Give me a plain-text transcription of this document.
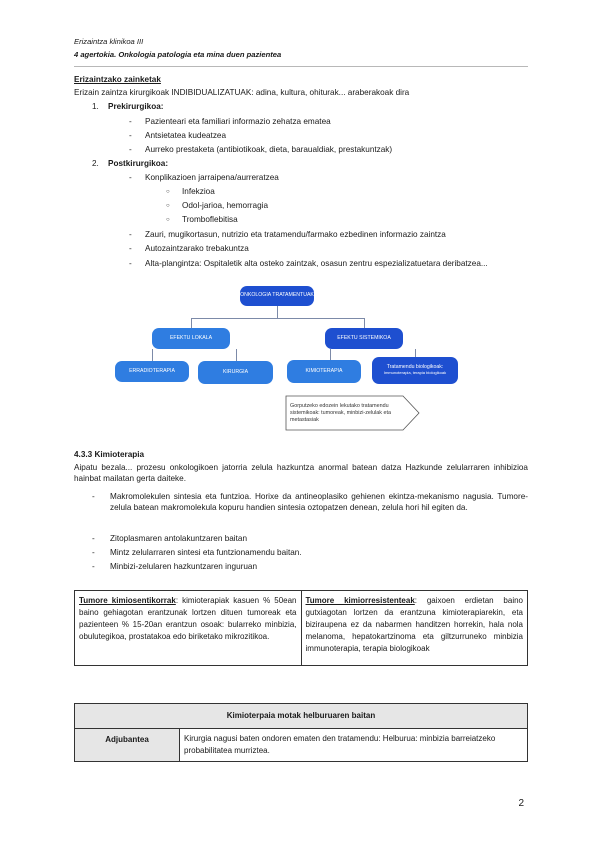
Erizaintza klinikoa III
4 agertokia. Onkologia patologia eta mina duen pazientea
Erizaintzako zainketak
Erizain zaintza kirurgikoak INDIBIDUALIZATUAK: adina, kultura, ohiturak... araberakoak dira
1. Prekirurgikoa:
- Pazienteari eta familiari informazio zehatza ematea
- Antsietatea kudeatzea
- Aurreko prestaketa (antibiotikoak, dieta, barauald​iak, prestakuntzak)
2. Postkirurgikoa:
- Konplikazioen jarraipena/aurreratzea
○ Infekzioa
○ Odol-jarioa, hemorragia
○ Tromboflebitisa
- Zauri, mugikortasun, nutrizio eta tratamendu/farmako ezbedinen informazio zaintza
- Autozaintzarako trebakuntza
- Alta-plangintza: Ospitaletik alta osteko zaintzak, osasun zentru espezializatuetara deribatzea...
ONKOLOGIA TRATAMENTUAK
EFEKTU LOKALA	EFEKTU SISTEMIKOA
ERRADIOTERAPIA	KIRURGIA	KIMIOTERAPIA
Tratamendu biologikoak:
Immunoterapia, terapia biologikoak
Gorputzeko edozein lekutako tratamendu sistemikoak: tumoreak, minbizi-zelulak eta metastasiak
4.3.3 Kimioterapia
Aipatu bezala... prozesu onkologikoen jatorria zelula hazkuntza anormal batean datza Hazkunde zelularraren inhibizioa hainbat mailatan gerta daiteke.
- Makromolekulen sintesia eta funtzioa. Horixe da antineoplasiko gehienen ekintza-mekanismo nagusia. Tumore-zelula batean makromolekula kopuru handien sintesia oztopatzen denean, zelula hori hil egiten da.
- Zitoplasmaren antolakuntzaren baitan
- Mintz zelularraren sintesi eta funtzionamendu baitan.
- Minbizi-zelularen hazkuntzaren inguruan
Tumore kimiosentikorrak: kimioterapiak kasuen % 50ean baino gehiagotan erantzunak lortzen dituen tumoreak eta pazienteen % 15-20an erantzun osoak: bularreko minbizia, obulutegikoa, prostatakoa edo biriketako mikrozitikoa.	Tumore kimiorresistenteak: gaixoen erdietan baino gutxiagotan lortzen da erantzuna kimioterapiarekin, eta biziraupena ez da nabarmen handitzen horrekin, hala nola melanoma, hepatokartzinoma eta giltzurruneko minbizia immunoterapia, terapia biologikoak
Kimioterpaia motak helburuaren baitan
Adjubantea	Kirurgia nagusi baten ondoren ematen den tratamendu: Helburua: minbizia barreiatzeko probabilitatea murriztea.
2
